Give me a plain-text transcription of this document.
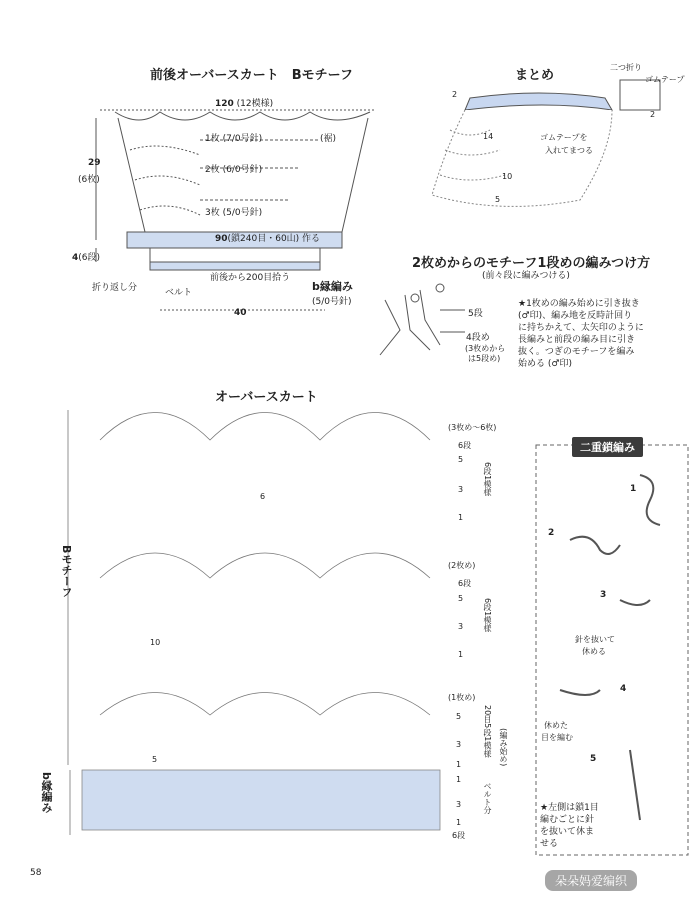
前後オーバースカート　Bモチーフ
120 (12模様)
29
(6枚)
1枚 (7/0号針)	(裾)
2枚 (6/0号針)
3枚 (5/0号針)
90(鎖240目・60山) 作る
4(6段)
折り返し分
前後から200目拾う
ベルト	b縁編み
(5/0号針)
40
まとめ
二つ折り
ゴムテープ
2
2
14
10
5
ゴムテープを
入れてまつる
2枚めからのモチーフ1段めの編みつけ方
(前々段に編みつける)
5段
4段め
(3枚めから
は5段め)
★1枚めの編み始めに引き抜き
(♂印)、編み地を反時計回り
に持ちかえて、太矢印のように
長編みと前段の編み目に引き
抜く。つぎのモチーフを編み
始める (♂印)
オーバースカート
Bモチーフ
b縁編み
(3枚め～6枚)
6段
5
3
1
6段1模様
(2枚め)
6段
5
3
1
6段1模様
(1枚め)
5
3
1
20目5段1模様 (編み始め)
1
3
1
6段
ベルト分
10
5
6
58
二重鎖編み
1
2
3
針を抜いて
休める
4
休めた
目を編む
5
★左側は鎖1目
編むごとに針
を抜いて休ま
せる
朵朵妈爱编织
